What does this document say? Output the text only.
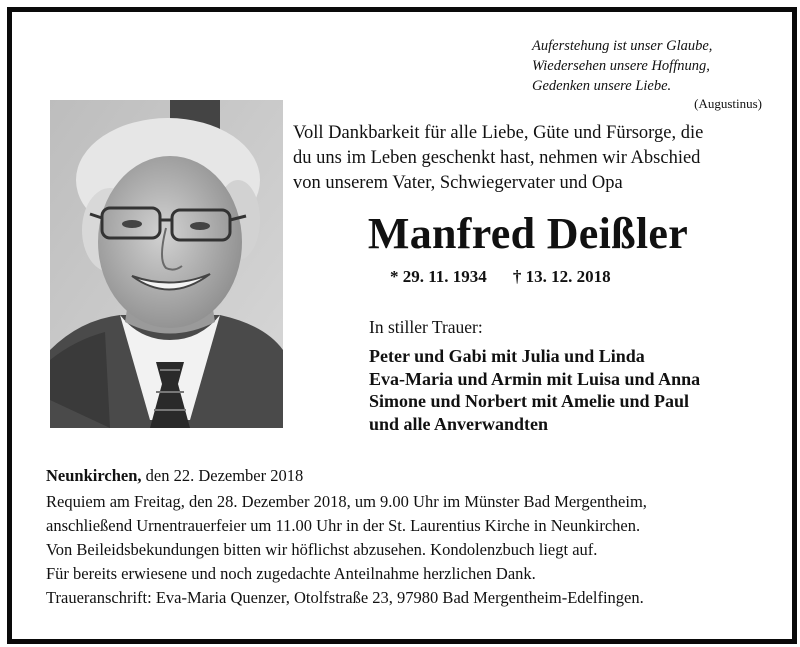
Auferstehung ist unser Glaube,
Wiedersehen unsere Hoffnung,
Gedenken unsere Liebe.
(Augustinus)
Voll Dankbarkeit für alle Liebe, Güte und Fürsorge, die
du uns im Leben geschenkt hast, nehmen wir Abschied
von unserem Vater, Schwiegervater und Opa
Manfred Deißler
* 29. 11. 1934 † 13. 12. 2018
In stiller Trauer:
Peter und Gabi mit Julia und Linda
Eva-Maria und Armin mit Luisa und Anna
Simone und Norbert mit Amelie und Paul
und alle Anverwandten
Neunkirchen, den 22. Dezember 2018
Requiem am Freitag, den 28. Dezember 2018, um 9.00 Uhr im Münster Bad Mergentheim,
anschließend Urnentrauerfeier um 11.00 Uhr in der St. Laurentius Kirche in Neunkirchen.
Von Beileidsbekundungen bitten wir höflichst abzusehen. Kondolenzbuch liegt auf.
Für bereits erwiesene und noch zugedachte Anteilnahme herzlichen Dank.
Traueranschrift: Eva-Maria Quenzer, Otolfstraße 23, 97980 Bad Mergentheim-Edelfingen.
